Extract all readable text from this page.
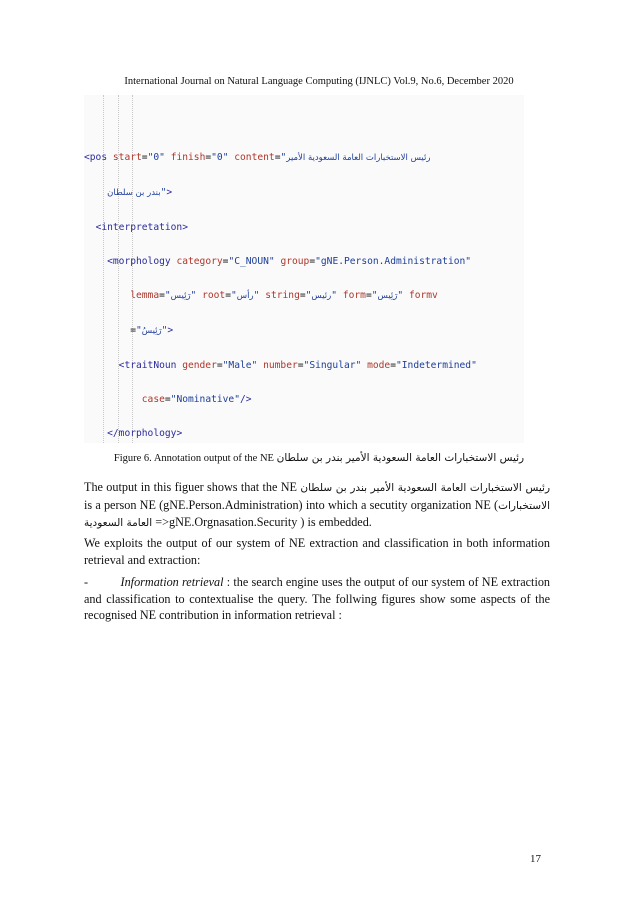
International Journal on Natural Language Computing (IJNLC) Vol.9, No.6, December 2020

<pos start="0" finish="0" content="رئيس الاستخبارات العامة السعودية الأمير

بندر بن سلطان">

<interpretation>

<morphology category="C_NOUN" group="gNE.Person.Administration"

lemma="رَئِيس" root="رأس" string="رئيس" form="رَئِيس" formv

="رَئِيسُ">

<traitNoun gender="Male" number="Singular" mode="Indetermined"

case="Nominative"/>

</morphology>

Figure 6. Annotation output of the NE رئيس الاستخبارات العامة السعودية الأمير بندر بن سلطان
The output in this figuer shows that the NE رئيس الاستخبارات العامة السعودية الأمير بندر بن سلطان is a person NE (gNE.Person.Administration) into which a secutity organization NE (الاستخبارات العامة السعودية =>gNE.Orgnasation.Security ) is embedded.
We exploits the output of our system of NE extraction and classification in both information retrieval and extraction:
-	Information retrieval : the search engine uses the output of our system of NE extraction and classification to contextualise the query. The follwing figures show some aspects of the recognised NE contribution in information retrieval :
17
